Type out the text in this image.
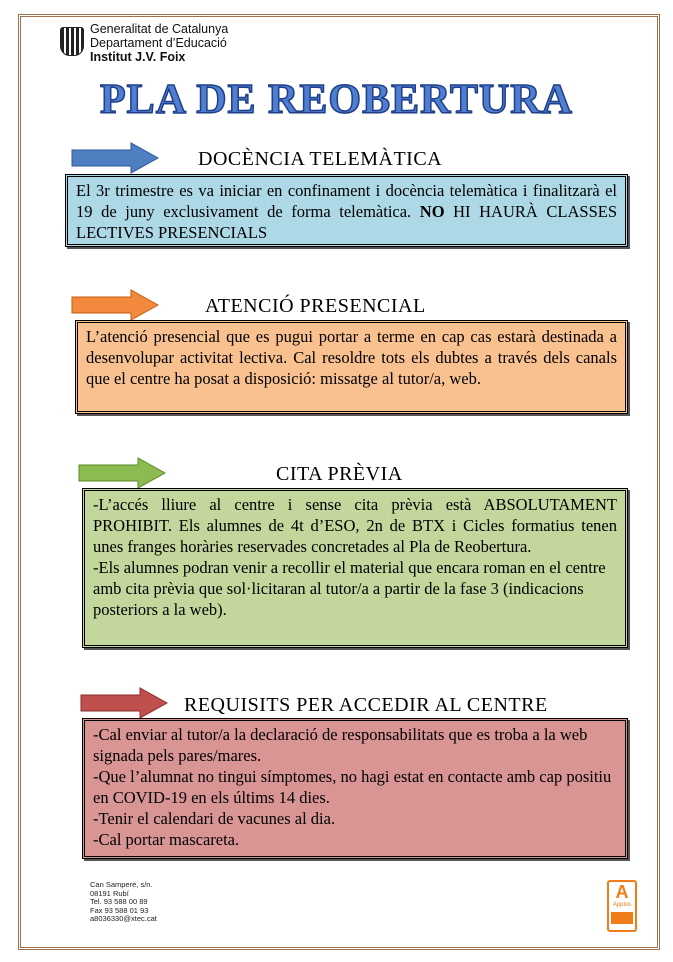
Generalitat de Catalunya
Departament d’Educació
Institut J.V. Foix
PLA DE REOBERTURA
DOCÈNCIA TELEMÀTICA
El 3r trimestre es va iniciar en confinament i docència telemàtica i finalitzarà el 19 de juny exclusivament de forma telemàtica. NO HI HAURÀ CLASSES LECTIVES PRESENCIALS
ATENCIÓ PRESENCIAL
L’atenció presencial que es pugui portar a terme en cap cas estarà destinada a desenvolupar activitat lectiva. Cal resoldre tots els dubtes a través dels canals que el centre ha posat a disposició: missatge al tutor/a, web.
CITA PRÈVIA
-L’accés lliure al centre i sense cita prèvia està ABSOLUTAMENT PROHIBIT. Els alumnes de 4t d’ESO, 2n de BTX i Cicles formatius tenen unes franges horàries reservades concretades al Pla de Reobertura.
-Els alumnes podran venir a recollir el material que encara roman en el centre amb cita prèvia que sol·licitaran al tutor/a a partir de la fase 3 (indicacions posteriors a la web).
REQUISITS PER ACCEDIR AL CENTRE
-Cal enviar al tutor/a la declaració de responsabilitats que es troba a la web signada pels pares/mares.
-Que l’alumnat no tingui símptomes, no hagi estat en contacte amb cap positiu en COVID-19 en els últims 14 dies.
-Tenir el calendari de vacunes al dia.
-Cal portar mascareta.
Can Sampere, s/n.
08191 Rubí
Tel. 93 588 00 89
Fax 93 588 01 93
a8036330@xtec.cat
A
Applus
